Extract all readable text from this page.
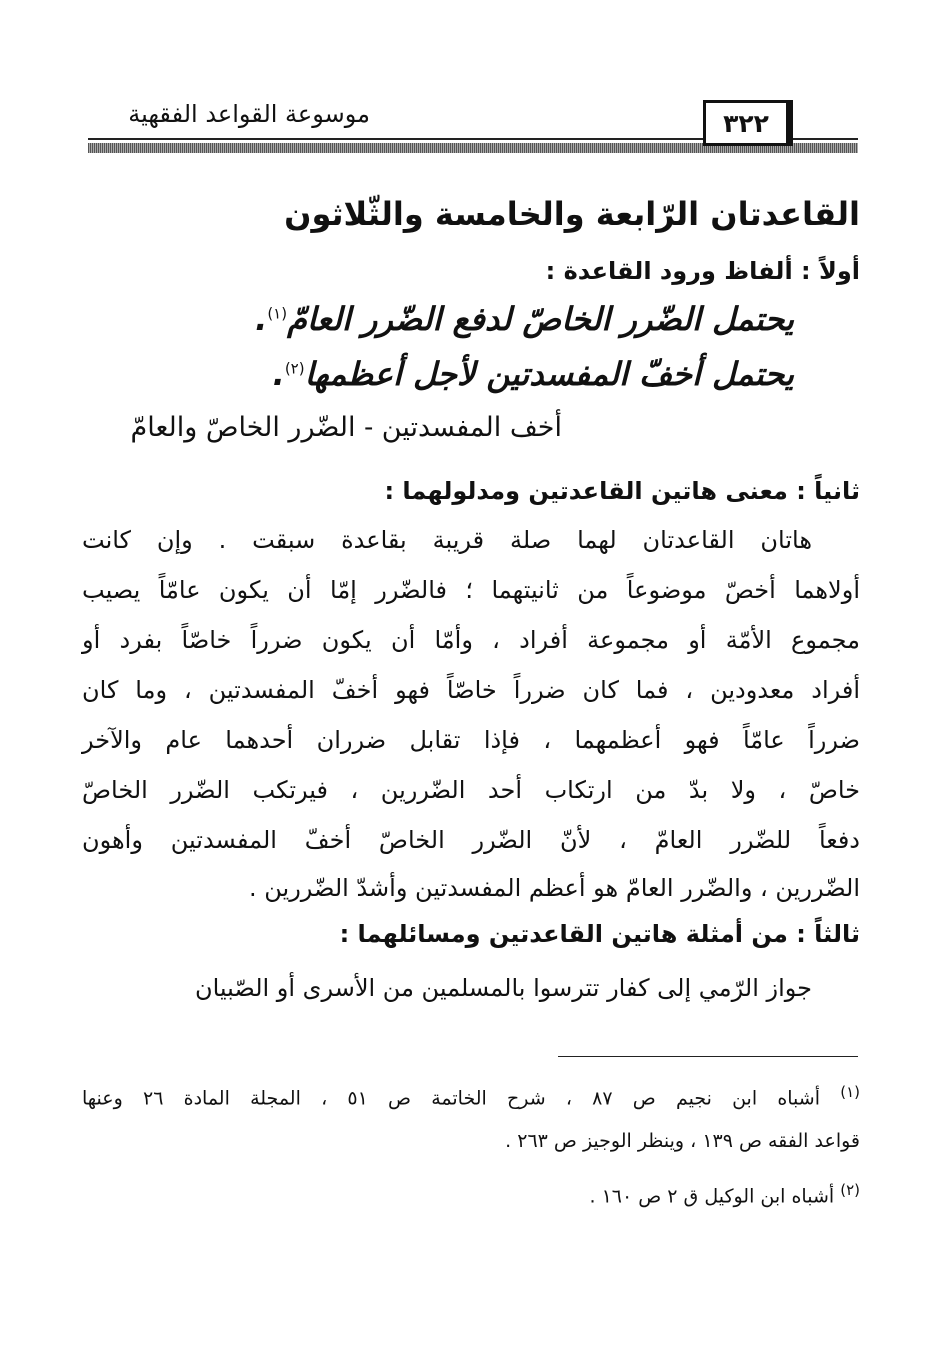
٣٢٢
موسوعة القواعد الفقهية
القاعدتان الرّابعة والخامسة والثّلاثون
أولاً : ألفاظ ورود القاعدة :
يحتمل الضّرر الخاصّ لدفع الضّرر العامّ$^{(١)}$.
يحتمل أخفّ المفسدتين لأجل أعظمها$^{(٢)}$.
أخف المفسدتين - الضّرر الخاصّ والعامّ
ثانياً : معنى هاتين القاعدتين ومدلولهما :
هاتان القاعدتان لهما صلة قريبة بقاعدة سبقت . وإن كانت
أولاهما أخصّ موضوعاً من ثانيتهما ؛ فالضّرر إمّا أن يكون عامّاً يصيب
مجموع الأمّة أو مجموعة أفراد ، وأمّا أن يكون ضرراً خاصّاً بفرد أو
أفراد معدودين ، فما كان ضرراً خاصّاً فهو أخفّ المفسدتين ، وما كان
ضرراً عامّاً فهو أعظمهما ، فإذا تقابل ضرران أحدهما عام والآخر
خاصّ ، ولا بدّ من ارتكاب أحد الضّررين ، فيرتكب الضّرر الخاصّ
دفعاً للضّرر العامّ ، لأنّ الضّرر الخاصّ أخفّ المفسدتين وأهون
الضّررين ، والضّرر العامّ هو أعظم المفسدتين وأشدّ الضّررين .
ثالثاً : من أمثلة هاتين القاعدتين ومسائلهما :
جواز الرّمي إلى كفار تترسوا بالمسلمين من الأسرى أو الصّبيان
$^{(١)}$ أشباه ابن نجيم ص ٨٧ ، شرح الخاتمة ص ٥١ ، المجلة المادة ٢٦ وعنها
قواعد الفقه ص ١٣٩ ، وينظر الوجيز ص ٢٦٣ .
$^{(٢)}$ أشباه ابن الوكيل ق ٢ ص ١٦٠ .
